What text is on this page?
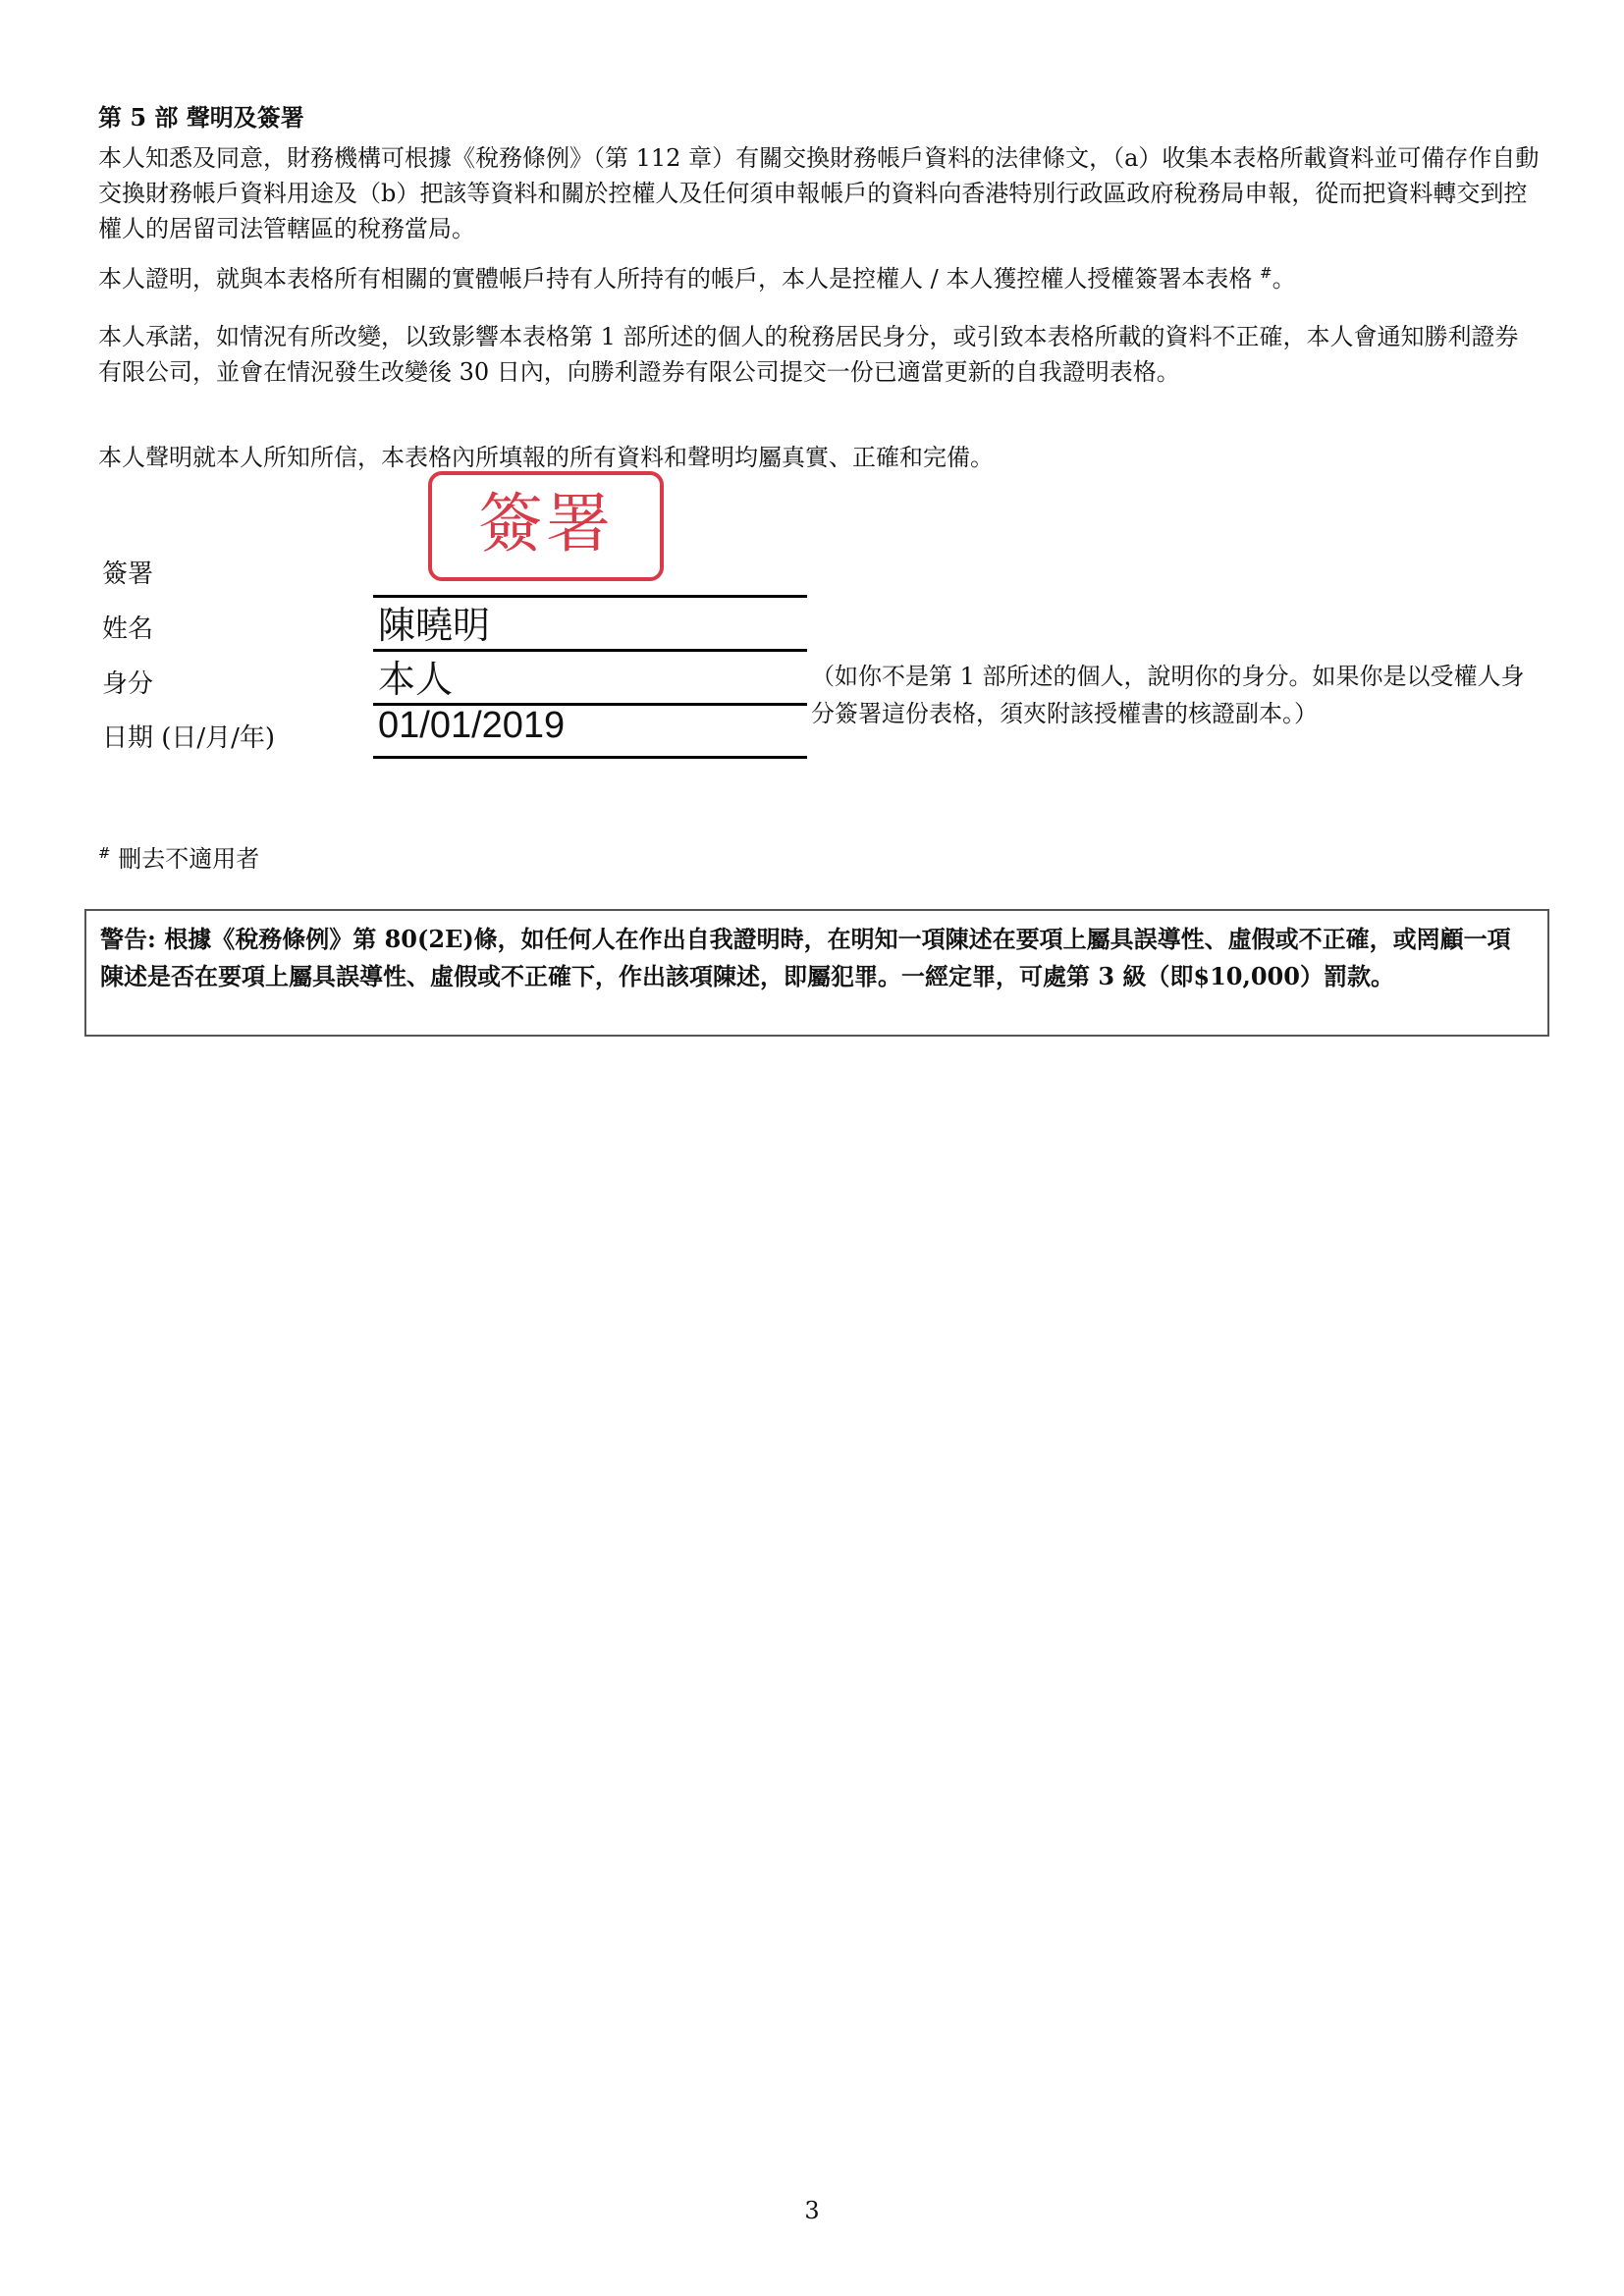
第 5 部 聲明及簽署
本人知悉及同意，財務機構可根據《稅務條例》（第 112 章）有關交換財務帳戶資料的法律條文，（a）收集本表格所載資料並可備存作自動交換財務帳戶資料用途及（b）把該等資料和關於控權人及任何須申報帳戶的資料向香港特別行政區政府稅務局申報，從而把資料轉交到控權人的居留司法管轄區的稅務當局。
本人證明，就與本表格所有相關的實體帳戶持有人所持有的帳戶，本人是控權人 / 本人獲控權人授權簽署本表格 #。
本人承諾，如情況有所改變，以致影響本表格第 1 部所述的個人的稅務居民身分，或引致本表格所載的資料不正確，本人會通知勝利證券有限公司，並會在情況發生改變後 30 日內，向勝利證券有限公司提交一份已適當更新的自我證明表格。
本人聲明就本人所知所信，本表格內所填報的所有資料和聲明均屬真實、正確和完備。
簽署
簽署
姓名	陳曉明
身分	本人
日期 (日/月/年)	01/01/2019
（如你不是第 1 部所述的個人，說明你的身分。如果你是以受權人身分簽署這份表格，須夾附該授權書的核證副本。）
# 刪去不適用者
警告: 根據《稅務條例》第 80(2E)條，如任何人在作出自我證明時，在明知一項陳述在要項上屬具誤導性、虛假或不正確，或罔顧一項陳述是否在要項上屬具誤導性、虛假或不正確下，作出該項陳述，即屬犯罪。一經定罪，可處第 3 級（即$10,000）罰款。
3
